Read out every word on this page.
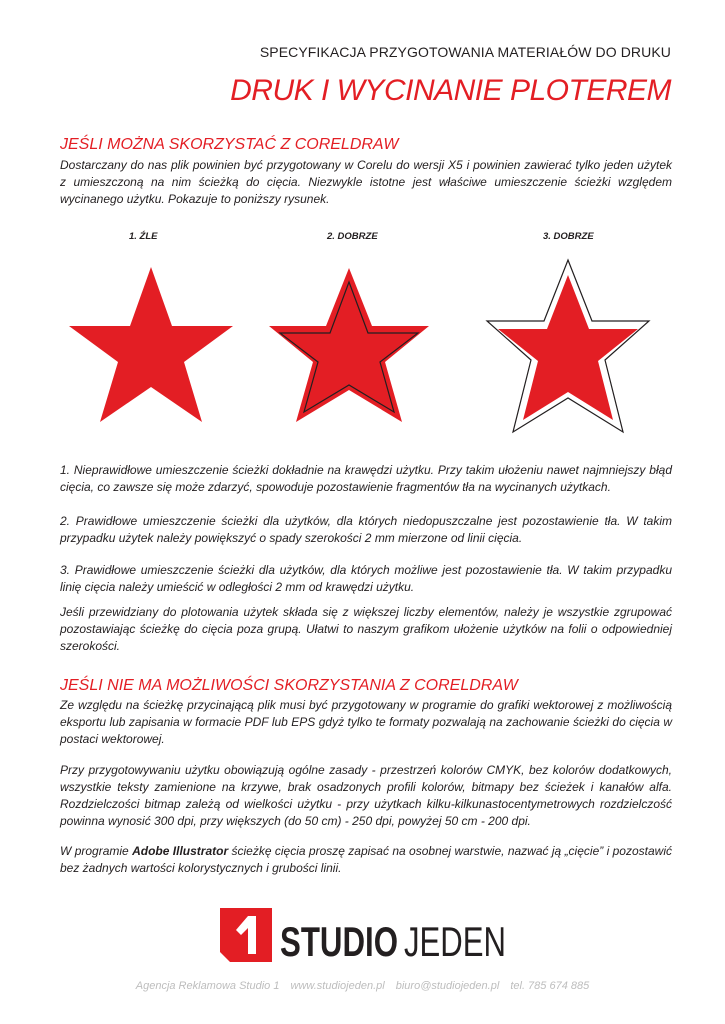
SPECYFIKACJA PRZYGOTOWANIA MATERIAŁÓW DO DRUKU
DRUK I WYCINANIE PLOTEREM
JEŚLI MOŻNA SKORZYSTAĆ Z CORELDRAW
Dostarczany do nas plik powinien być przygotowany w Corelu do wersji X5 i powinien zawierać tylko jeden użytek z umieszczoną na nim ścieżką do cięcia. Niezwykle istotne jest właściwe umieszczenie ścieżki względem wycinanego użytku. Pokazuje to poniższy rysunek.
1. ŹLE	2. DOBRZE	3. DOBRZE
1. Nieprawidłowe umieszczenie ścieżki dokładnie na krawędzi użytku. Przy takim ułożeniu nawet najmniejszy błąd cięcia, co zawsze się może zdarzyć, spowoduje pozostawienie fragmentów tła na wycinanych użytkach.
2. Prawidłowe umieszczenie ścieżki dla użytków, dla których niedopuszczalne jest pozostawienie tła. W takim przypadku użytek należy powiększyć o spady szerokości 2 mm mierzone od linii cięcia.
3. Prawidłowe umieszczenie ścieżki dla użytków, dla których możliwe jest pozostawienie tła. W takim przypadku linię cięcia należy umieścić w odległości 2 mm od krawędzi użytku.
Jeśli przewidziany do plotowania użytek składa się z większej liczby elementów, należy je wszystkie zgrupować pozostawiając ścieżkę do cięcia poza grupą. Ułatwi to naszym grafikom ułożenie użytków na folii o odpowiedniej szerokości.
JEŚLI NIE MA MOŻLIWOŚCI SKORZYSTANIA Z CORELDRAW
Ze względu na ścieżkę przycinającą plik musi być przygotowany w programie do grafiki wektorowej z możliwością eksportu lub zapisania w formacie PDF lub EPS gdyż tylko te formaty pozwalają na zachowanie ścieżki do cięcia w postaci wektorowej.
Przy przygotowywaniu użytku obowiązują ogólne zasady - przestrzeń kolorów CMYK, bez kolorów dodatkowych, wszystkie teksty zamienione na krzywe, brak osadzonych profili kolorów, bitmapy bez ścieżek i kanałów alfa. Rozdzielczości bitmap zależą od wielkości użytku - przy użytkach kilku-kilkunastocentymetrowych rozdzielczość powinna wynosić 300 dpi, przy większych (do 50 cm) - 250 dpi, powyżej 50 cm - 200 dpi.
W programie Adobe Illustrator ścieżkę cięcia proszę zapisać na osobnej warstwie, nazwać ją „cięcie” i pozostawić bez żadnych wartości kolorystycznych i grubości linii.
STUDIO JEDEN
Agencja Reklamowa Studio 1 www.studiojeden.pl biuro@studiojeden.pl tel. 785 674 885
